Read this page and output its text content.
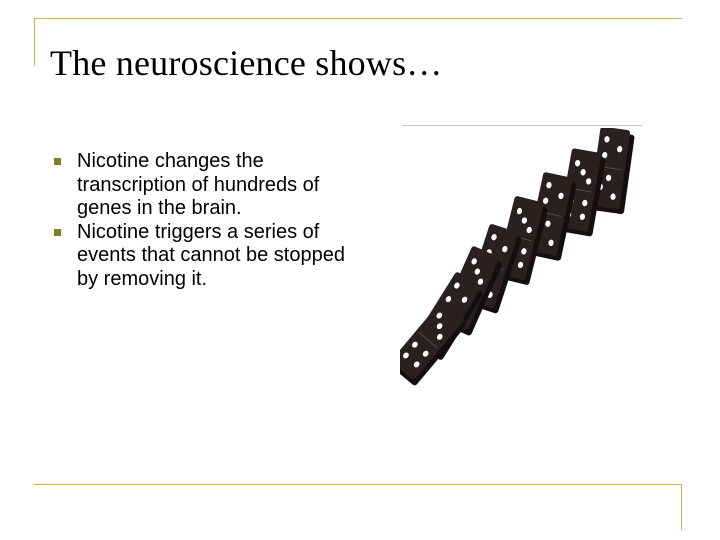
The neuroscience shows…
Nicotine changes the transcription of hundreds of genes in the brain.
Nicotine triggers a series of events that cannot be stopped by removing it.
